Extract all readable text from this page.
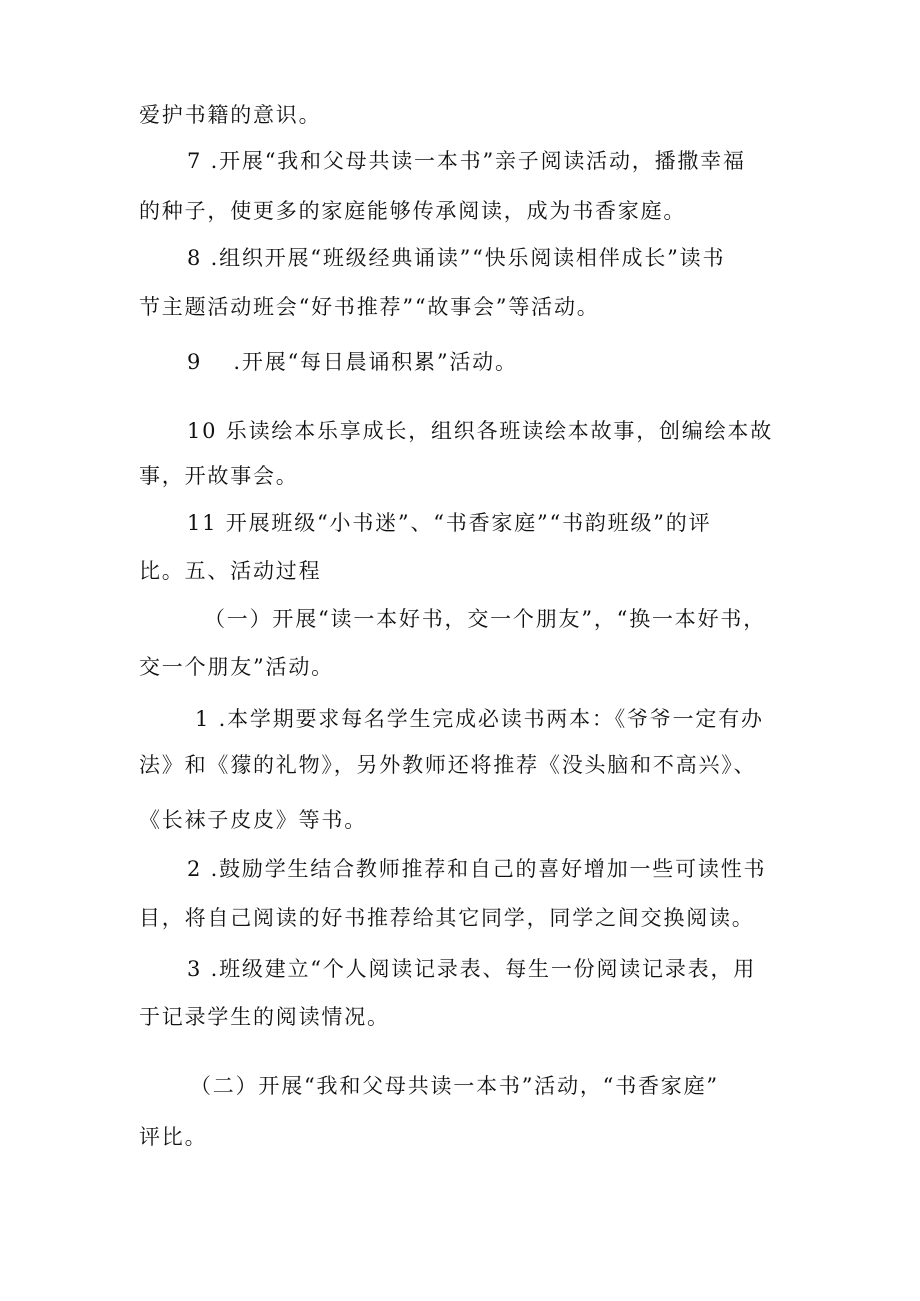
爱护书籍的意识。
7 .开展“我和父母共读一本书”亲子阅读活动，播撒幸福
的种子，使更多的家庭能够传承阅读，成为书香家庭。
8 .组织开展“班级经典诵读”“快乐阅读相伴成长”读书
节主题活动班会“好书推荐”“故事会”等活动。
9　 .开展“每日晨诵积累”活动。
10 乐读绘本乐享成长，组织各班读绘本故事，创编绘本故
事，开故事会。
11 开展班级“小书迷”、“书香家庭”“书韵班级”的评
比。五、活动过程
（一）开展“读一本好书，交一个朋友”，“换一本好书，
交一个朋友”活动。
1 .本学期要求每名学生完成必读书两本：《爷爷一定有办
法》和《獴的礼物》，另外教师还将推荐《没头脑和不高兴》、
《长袜子皮皮》等书。
2 .鼓励学生结合教师推荐和自己的喜好增加一些可读性书
目，将自己阅读的好书推荐给其它同学，同学之间交换阅读。
3 .班级建立“个人阅读记录表、每生一份阅读记录表，用
于记录学生的阅读情况。
（二）开展“我和父母共读一本书”活动，“书香家庭”
评比。
